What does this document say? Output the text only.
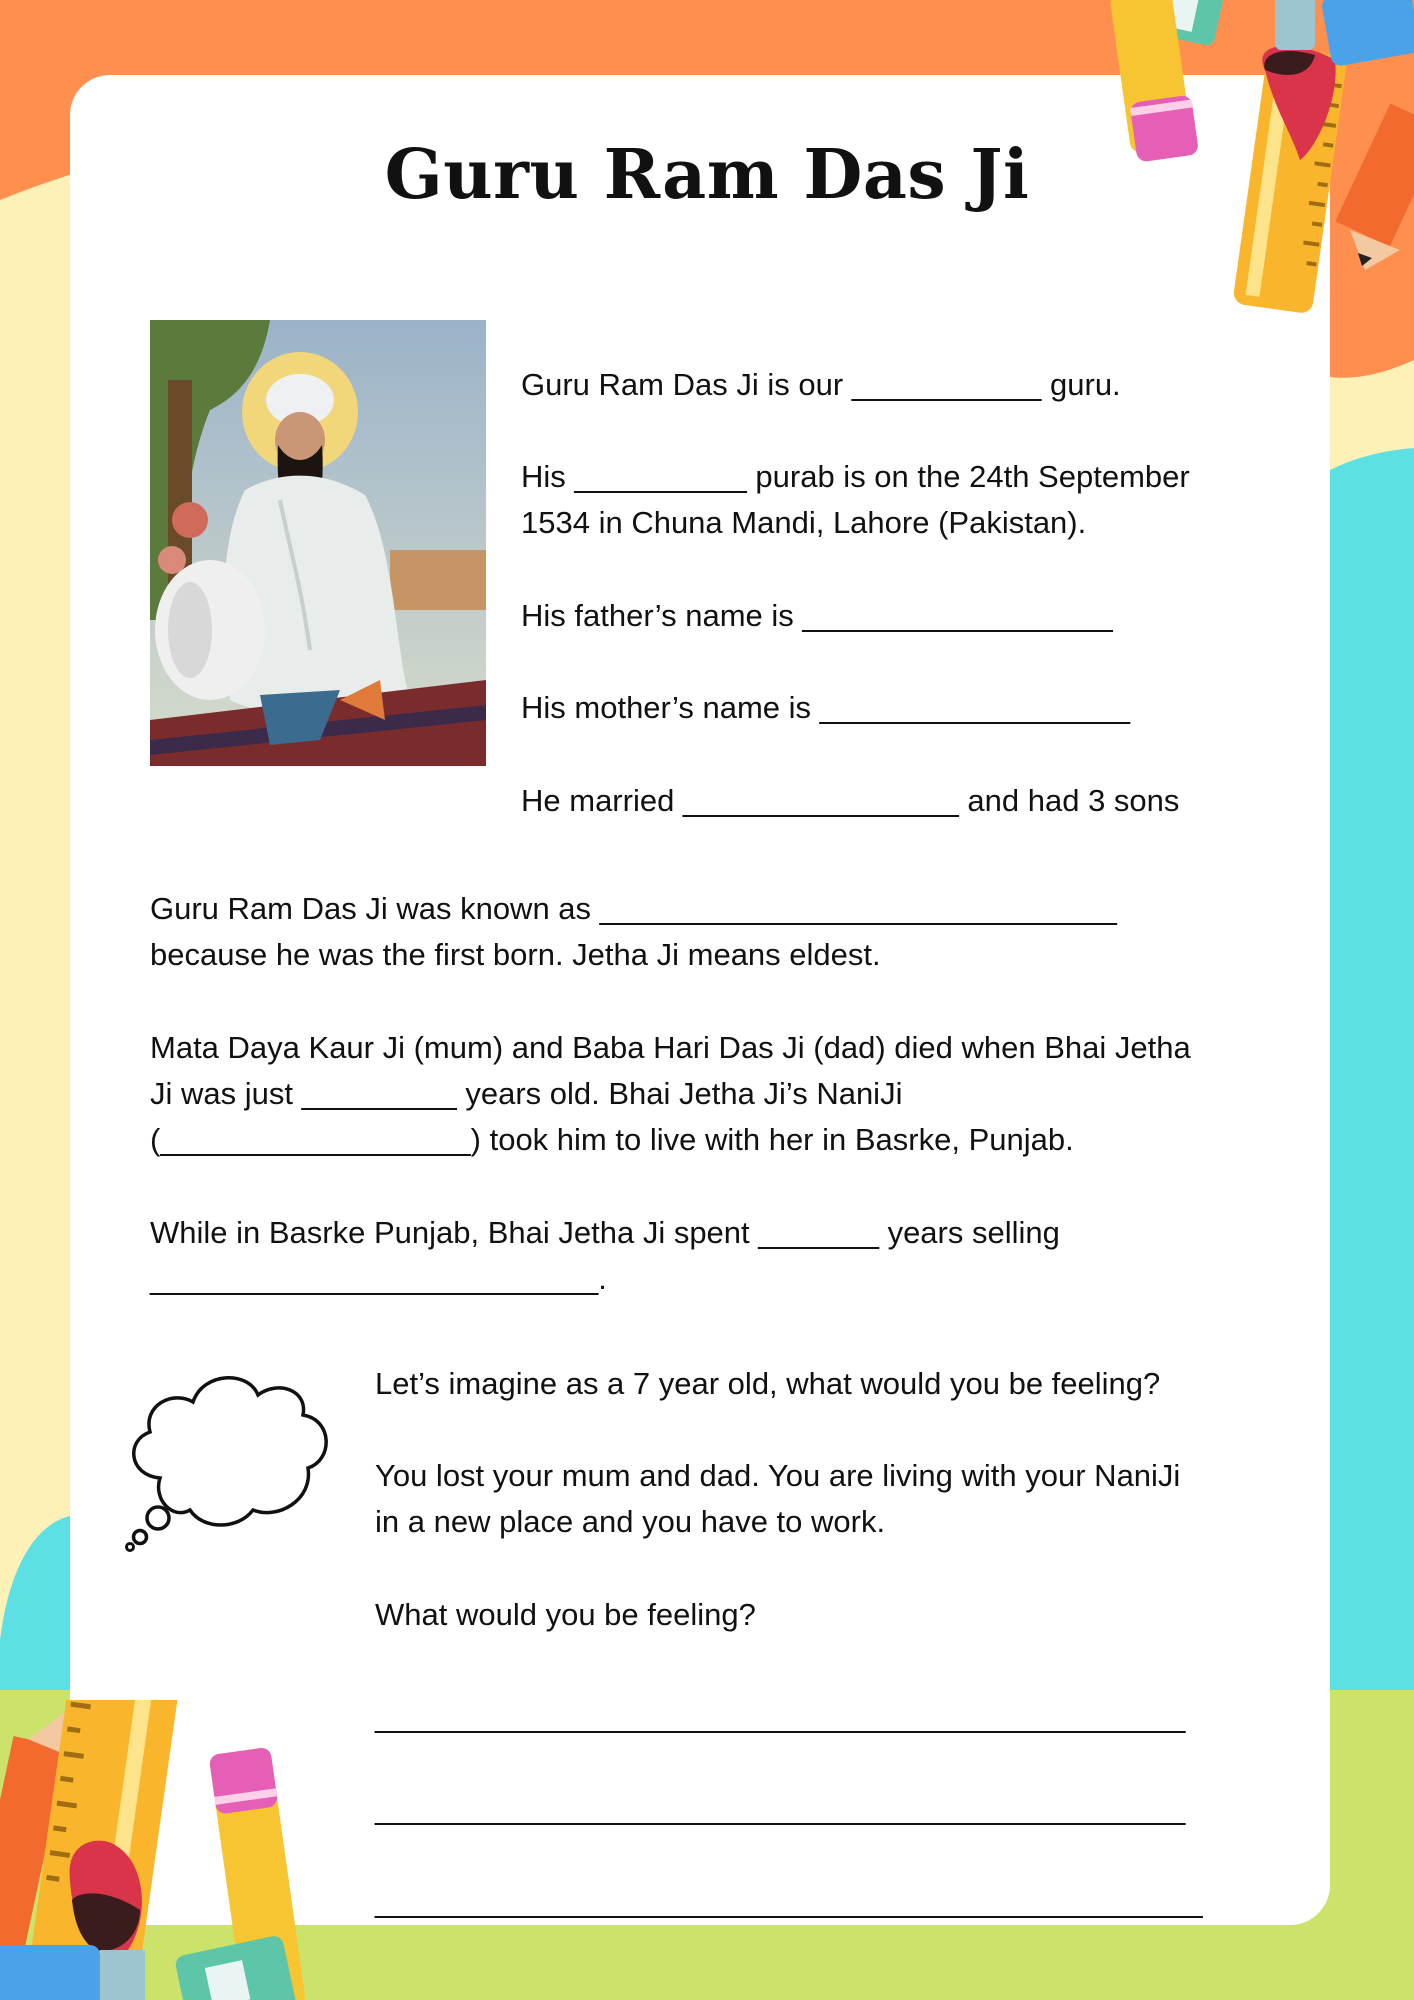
Guru Ram Das Ji

Guru Ram Das Ji is our ___________ guru.

His __________ purab is on the 24th September

1534 in Chuna Mandi, Lahore (Pakistan).

His father’s name is __________________

His mother’s name is __________________

He married ________________ and had 3 sons

Guru Ram Das Ji was known as ______________________________

because he was the first born. Jetha Ji means eldest.

Mata Daya Kaur Ji (mum) and Baba Hari Das Ji (dad) died when Bhai Jetha

Ji was just _________ years old. Bhai Jetha Ji’s NaniJi

(__________________) took him to live with her in Basrke, Punjab.

While in Basrke Punjab, Bhai Jetha Ji spent _______ years selling

__________________________.

Let’s imagine as a 7 year old, what would you be feeling?

You lost your mum and dad. You are living with your NaniJi

in a new place and you have to work.

What would you be feeling?

_______________________________________________

_______________________________________________

________________________________________________
